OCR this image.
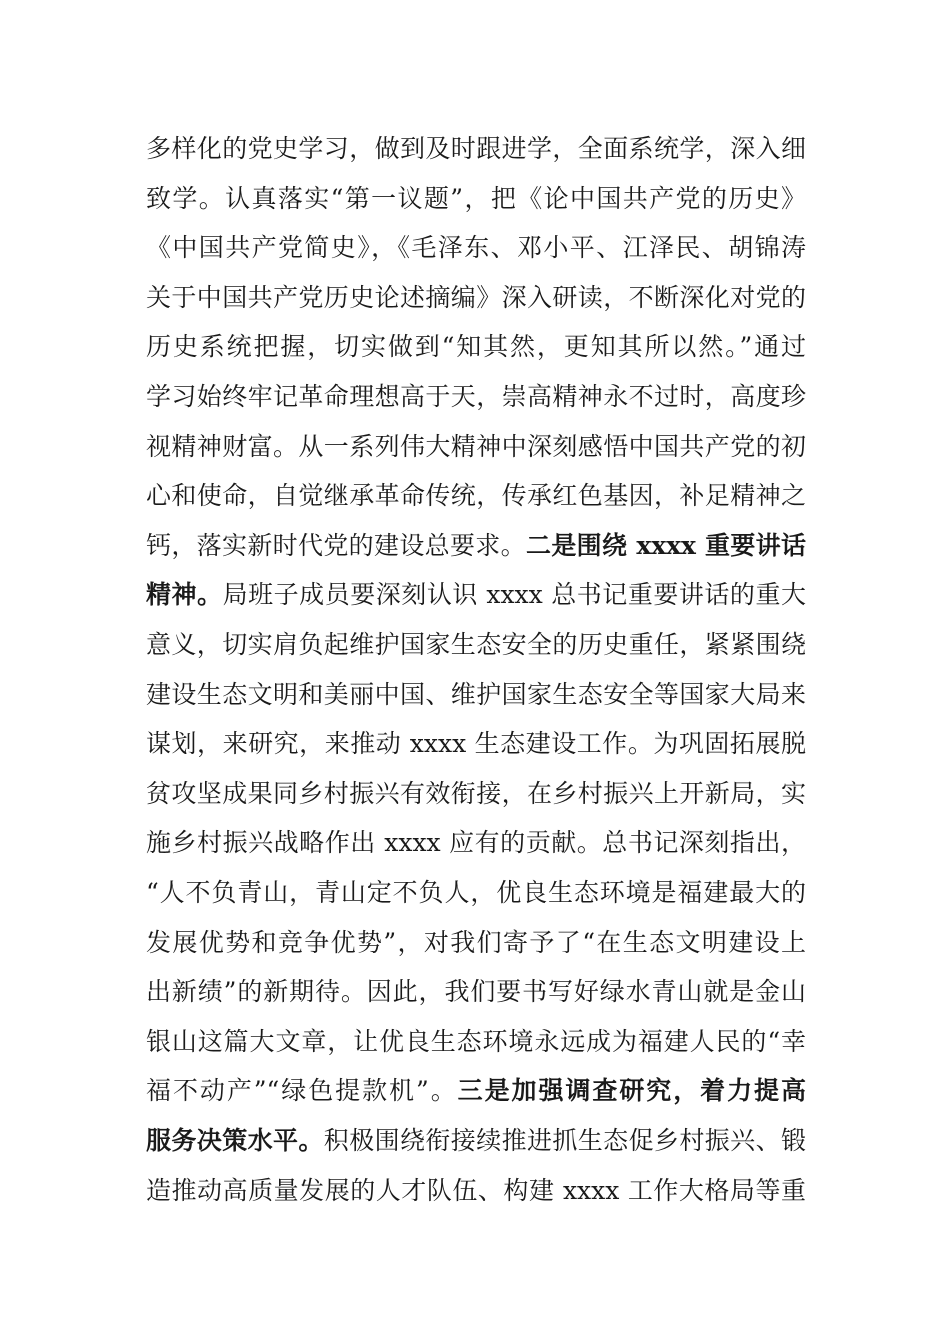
多样化的党史学习，做到及时跟进学，全面系统学，深入细
致学。认真落实“第一议题”，把《论中国共产党的历史》
《中国共产党简史》，《毛泽东、邓小平、江泽民、胡锦涛
关于中国共产党历史论述摘编》深入研读，不断深化对党的
历史系统把握，切实做到“知其然，更知其所以然。”通过
学习始终牢记革命理想高于天，崇高精神永不过时，高度珍
视精神财富。从一系列伟大精神中深刻感悟中国共产党的初
心和使命，自觉继承革命传统，传承红色基因，补足精神之
钙，落实新时代党的建设总要求。二是围绕 xxxx 重要讲话
精神。局班子成员要深刻认识 xxxx 总书记重要讲话的重大
意义，切实肩负起维护国家生态安全的历史重任，紧紧围绕
建设生态文明和美丽中国、维护国家生态安全等国家大局来
谋划，来研究，来推动 xxxx 生态建设工作。为巩固拓展脱
贫攻坚成果同乡村振兴有效衔接，在乡村振兴上开新局，实
施乡村振兴战略作出 xxxx 应有的贡献。总书记深刻指出，
“人不负青山，青山定不负人，优良生态环境是福建最大的
发展优势和竞争优势”，对我们寄予了“在生态文明建设上
出新绩”的新期待。因此，我们要书写好绿水青山就是金山
银山这篇大文章，让优良生态环境永远成为福建人民的“幸
福不动产”“绿色提款机”。三是加强调查研究，着力提高
服务决策水平。积极围绕衔接续推进抓生态促乡村振兴、锻
造推动高质量发展的人才队伍、构建 xxxx 工作大格局等重
